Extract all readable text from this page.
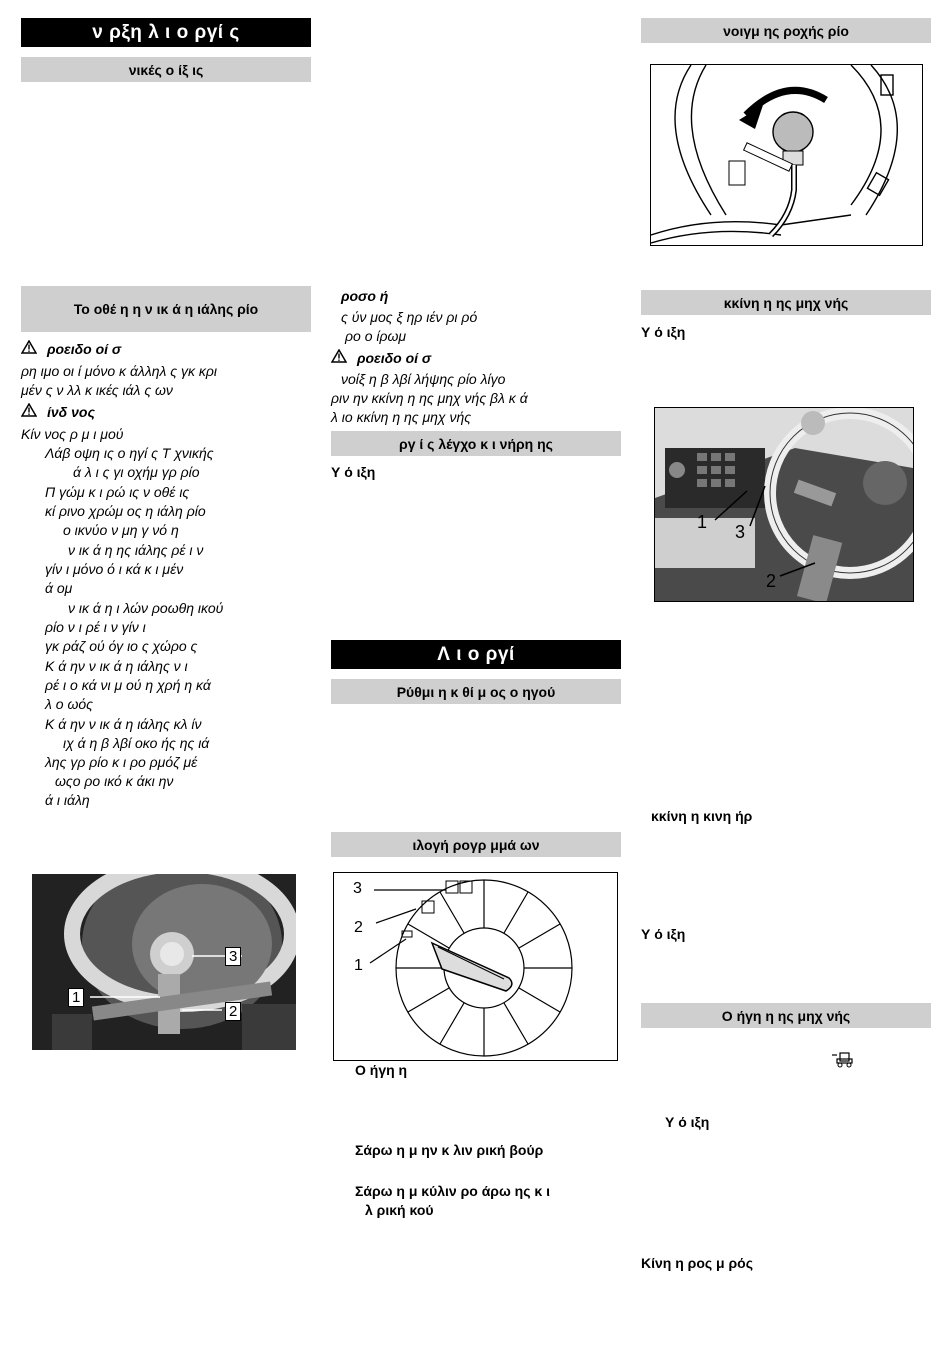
ν ρξη λ ι ο ργί ς
νικές ο ίξ ις
Το οθέ η η ν ικ ά η ιάλης ρίο
ροειδο οί σ
ρη ιμο οι ί μόνο κ άλληλ ς γκ κρι
μέν ς ν λλ κ ικές ιάλ ς ων
ίνδ νος
Κίν νος ρ μ ι μού
Λάβ οψη ις ο ηγί ς Τ χνικής
ά λ ι ς γι οχήμ γρ ρίο
Π γώμ κ ι ρώ ις ν οθέ ις
κί ρινο χρώμ ος η ιάλη ρίο
ο ικνύο ν μη γ νό η
ν ικ ά η ης ιάλης ρέ ι ν
γίν ι μόνο ό ι κά κ ι μέν
ά ομ
ν ικ ά η ι λών ροωθη ικού
ρίο ν ι ρέ ι ν γίν ι
γκ ράζ ού όγ ιο ς χώρο ς
Κ ά ην ν ικ ά η ιάλης ν ι
ρέ ι ο κά νι μ ού η χρή η κά
λ ο ωός
Κ ά ην ν ικ ά η ιάλης κλ ίν
ιχ ά η β λβί οκο ής ης ιά
λης γρ ρίο κ ι ρο ρμόζ μέ
ωςο ρο ικό κ άκι ην
ά ι ιάλη
1
2
3
ροσο ή
ς ύν μος ξ ηρ ιέν ρι ρό
ρο ο ίρωμ
ροειδο οί σ
νοίξ η β λβί λήψης ρίο λίγο
ριν ην κκίνη η ης μηχ νής βλ κ ά
λ ιο κκίνη η ης μηχ νής
ργ ί ς λέγχο κ ι νήρη ης
Υ ό ιξη
Λ ι ο ργί
Ρύθμι η κ θί μ ος ο ηγού
ιλογή ρογρ μμά ων
3
2
1
Ο ήγη η
Σάρω η μ ην κ λιν ρική βούρ
Σάρω η μ κύλιν ρο άρω ης κ ι
λ ρική κού
νοιγμ ης ροχής ρίο
κκίνη η ης μηχ νής
Υ ό ιξη
1 3
2
κκίνη η κινη ήρ
Υ ό ιξη
Ο ήγη η ης μηχ νής
Υ ό ιξη
Κίνη η ρος μ ρός
